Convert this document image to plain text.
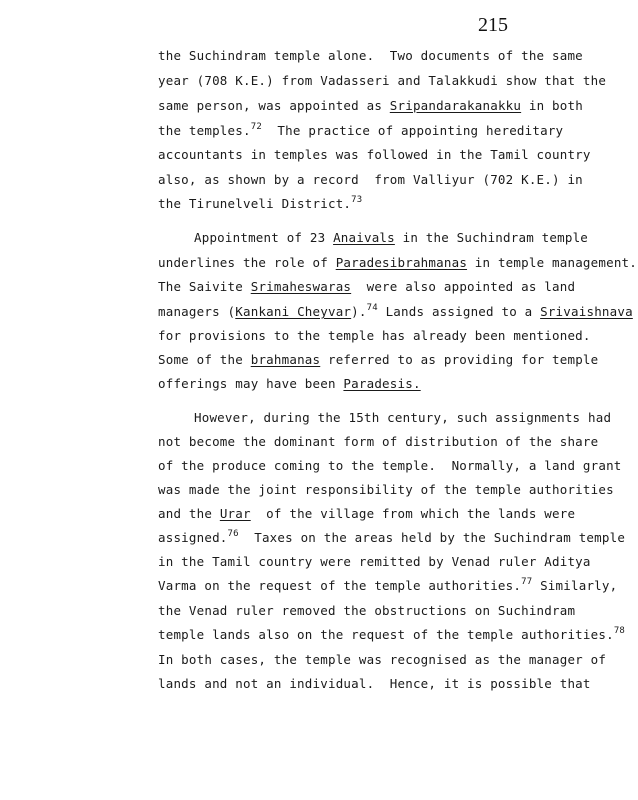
215
the Suchindram temple alone.  Two documents of the same
year (708 K.E.) from Vadasseri and Talakkudi show that the
same person, was appointed as Sripandarakanakku in both
the temples.$^{72}$  The practice of appointing hereditary
accountants in temples was followed in the Tamil country
also, as shown by a record  from Valliyur (702 K.E.) in
the Tirunelveli District.$^{73}$
Appointment of 23 Anaivals in the Suchindram temple
underlines the role of Paradesibrahmanas in temple management.
The Saivite Srimaheswaras  were also appointed as land
managers (Kankani Cheyvar).$^{74}$ Lands assigned to a Srivaishnava
for provisions to the temple has already been mentioned.
Some of the brahmanas referred to as providing for temple
offerings may have been Paradesis.
However, during the 15th century, such assignments had
not become the dominant form of distribution of the share
of the produce coming to the temple.  Normally, a land grant
was made the joint responsibility of the temple authorities
and the Urar  of the village from which the lands were
assigned.$^{76}$  Taxes on the areas held by the Suchindram temple
in the Tamil country were remitted by Venad ruler Aditya
Varma on the request of the temple authorities.$^{77}$ Similarly,
the Venad ruler removed the obstructions on Suchindram
temple lands also on the request of the temple authorities.$^{78}$
In both cases, the temple was recognised as the manager of
lands and not an individual.  Hence, it is possible that
